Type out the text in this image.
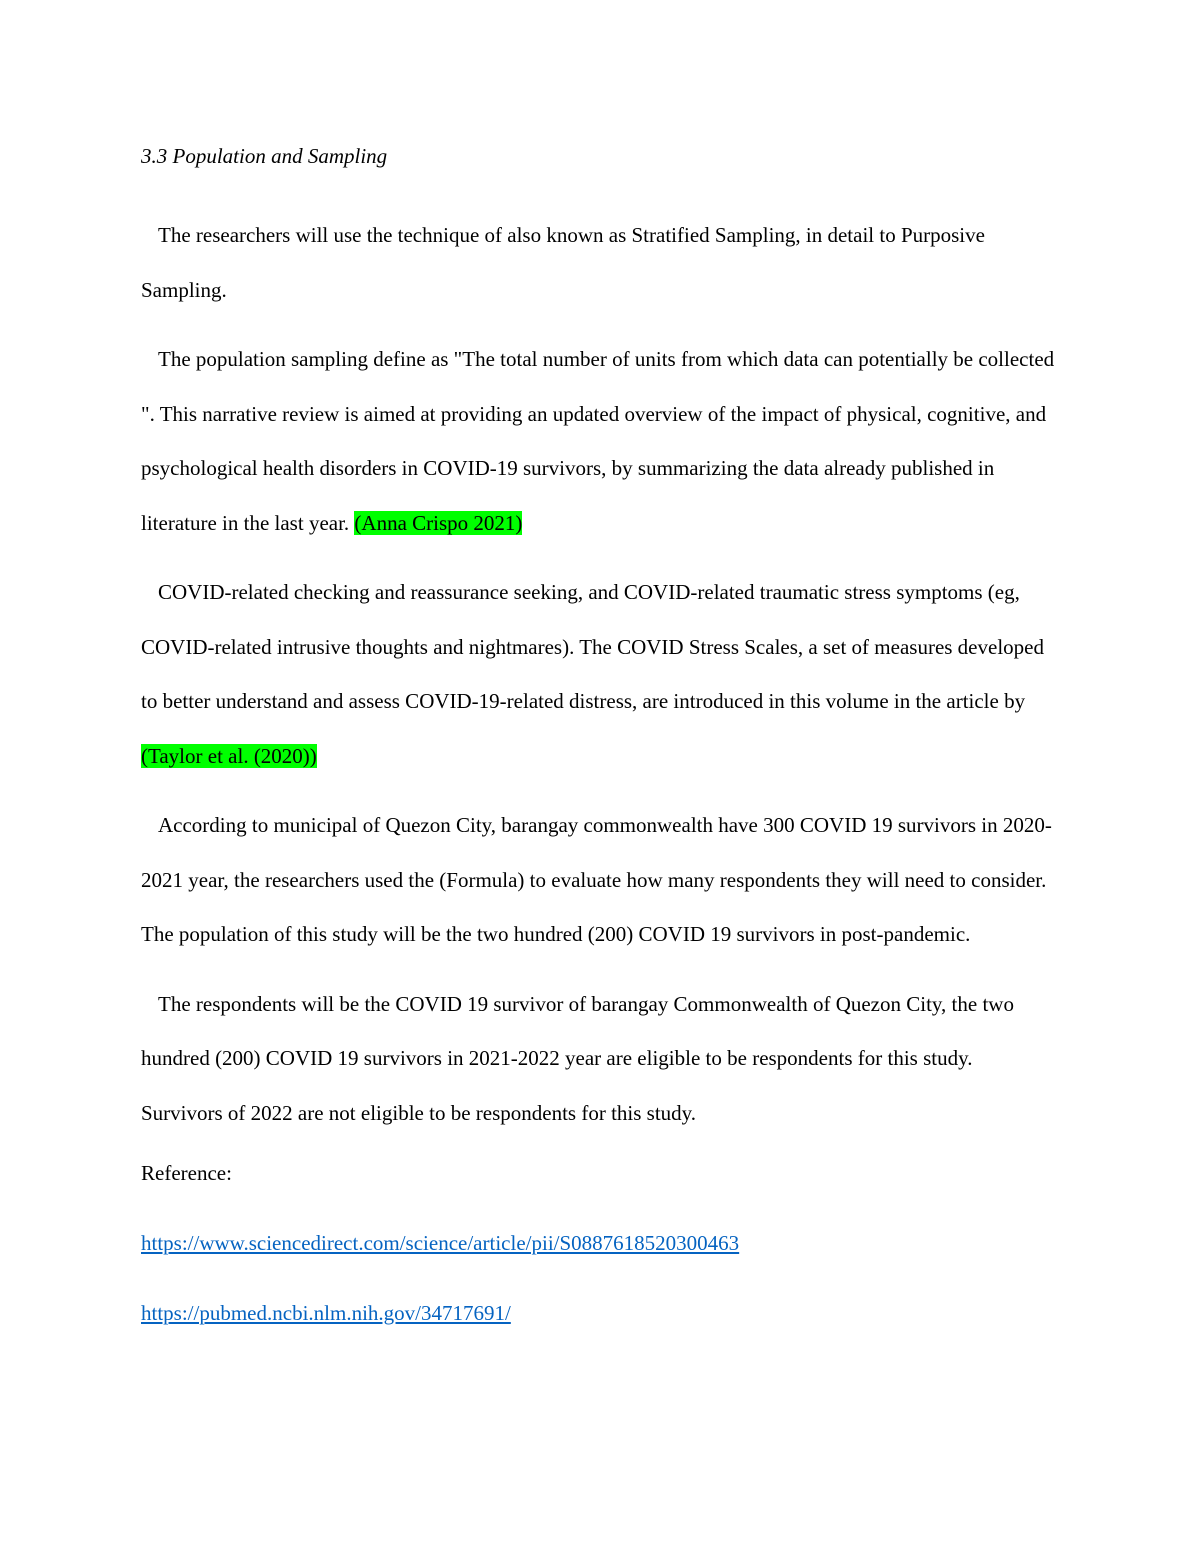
3.3 Population and Sampling

The researchers will use the technique of also known as Stratified Sampling, in detail to Purposive Sampling.

The population sampling define as "The total number of units from which data can potentially be collected ". This narrative review is aimed at providing an updated overview of the impact of physical, cognitive, and psychological health disorders in COVID-19 survivors, by summarizing the data already published in literature in the last year. (Anna Crispo 2021)

COVID-related checking and reassurance seeking, and COVID-related traumatic stress symptoms (eg, COVID-related intrusive thoughts and nightmares). The COVID Stress Scales, a set of measures developed to better understand and assess COVID-19-related distress, are introduced in this volume in the article by (Taylor et al. (2020))

According to municipal of Quezon City, barangay commonwealth have 300 COVID 19 survivors in 2020-2021 year, the researchers used the (Formula) to evaluate how many respondents they will need to consider. The population of this study will be the two hundred (200) COVID 19 survivors in post-pandemic.

The respondents will be the COVID 19 survivor of barangay Commonwealth of Quezon City, the two hundred (200) COVID 19 survivors in 2021-2022 year are eligible to be respondents for this study. Survivors of 2022 are not eligible to be respondents for this study.

Reference:
https://www.sciencedirect.com/science/article/pii/S0887618520300463
https://pubmed.ncbi.nlm.nih.gov/34717691/
